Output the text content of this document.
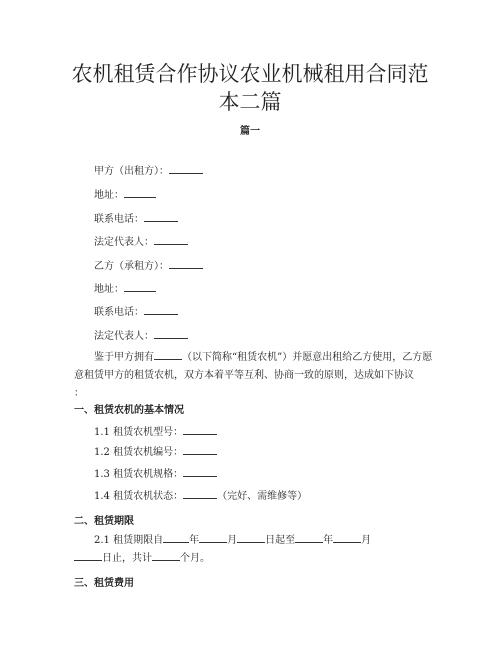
农机租赁合作协议农业机械租用合同范本二篇
篇一
甲方（出租方）：
地址：
联系电话：
法定代表人：
乙方（承租方）：
地址：
联系电话：
法定代表人：
鉴于甲方拥有	（以下简称“租赁农机”）并愿意出租给乙方使用，乙方愿意租赁甲方的租赁农机，双方本着平等互利、协商一致的原则，达成如下协议
：
一、租赁农机的基本情况
1.1 租赁农机型号：
1.2 租赁农机编号：
1.3 租赁农机规格：
1.4 租赁农机状态：	（完好、需维修等）
二、租赁期限
2.1 租赁期限自	年	月	日起至	年	月
日止，共计	个月。
三、租赁费用
